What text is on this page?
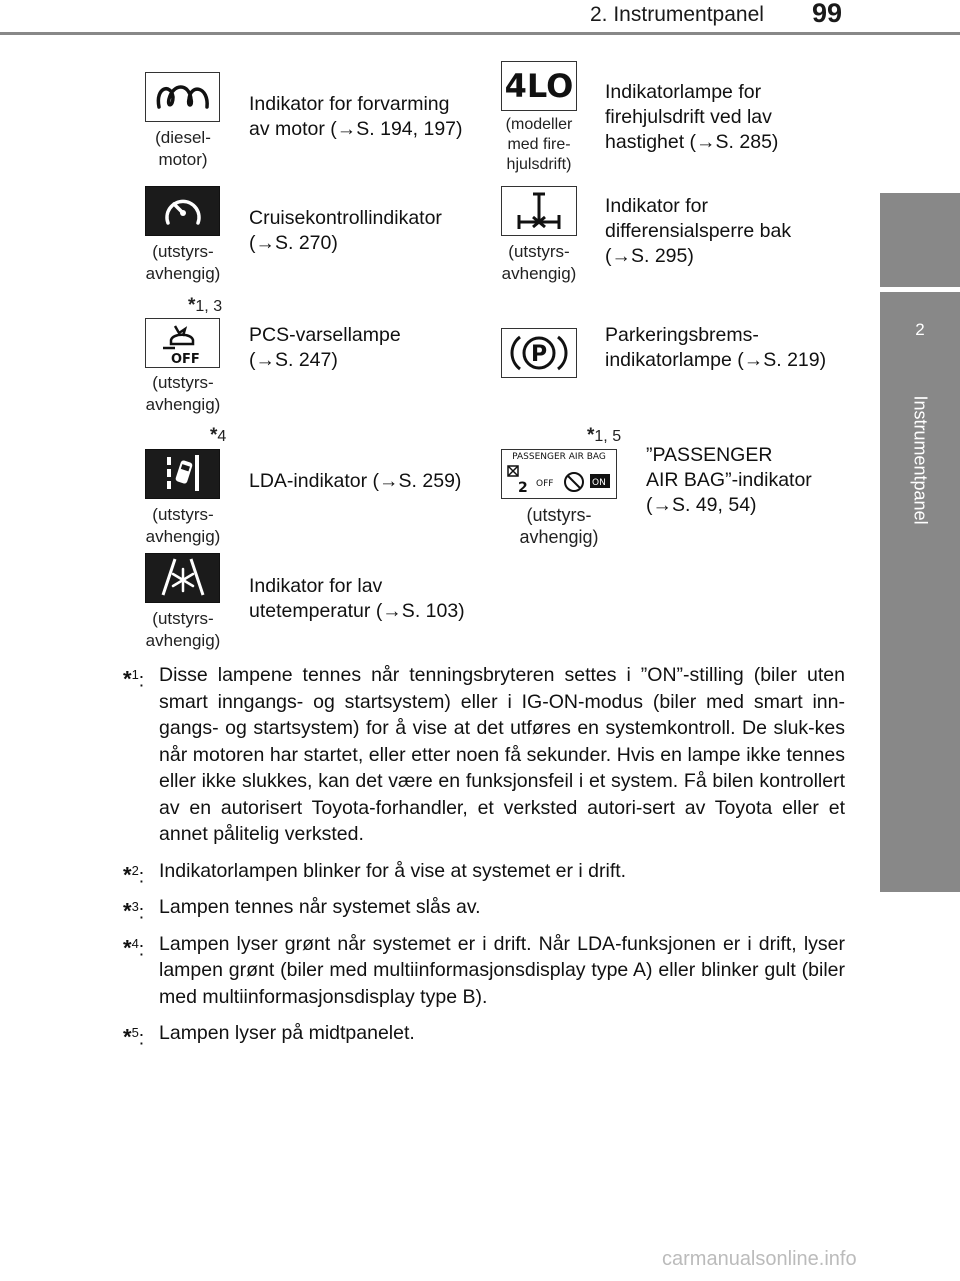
2. Instrumentpanel 99
2
Instrumentpanel
(diesel-
motor)
Indikator for forvarming
av motor (→S. 194, 197)
(utstyrs-
avhengig)
Cruisekontrollindikator
(→S. 270)
*1, 3
OFF
(utstyrs-
avhengig)
PCS-varsellampe
(→S. 247)
*4
(utstyrs-
avhengig)
LDA-indikator (→S. 259)
(utstyrs-
avhengig)
Indikator for lav
utetemperatur (→S. 103)
4LO
(modeller
med fire-
hjulsdrift)
Indikatorlampe for
firehjulsdrift ved lav
hastighet (→S. 285)
(utstyrs-
avhengig)
Indikator for
differensialsperre bak
(→S. 295)
P
Parkeringsbrems-
indikatorlampe (→S. 219)
*1, 5
PASSENGER AIR BAG
2 OFF	ON
(utstyrs-
avhengig)
”PASSENGER
AIR BAG”-indikator
(→S. 49, 54)
*$^1$: Disse lampene tennes når tenningsbryteren settes i ”ON”-stilling (biler uten smart inngangs- og startsystem) eller i IG-ON-modus (biler med smart inn-gangs- og startsystem) for å vise at det utføres en systemkontroll. De sluk-kes når motoren har startet, eller etter noen få sekunder. Hvis en lampe ikke tennes eller ikke slukkes, kan det være en funksjonsfeil i et system. Få bilen kontrollert av en autorisert Toyota-forhandler, et verksted autori-sert av Toyota eller et annet pålitelig verksted.
*$^2$: Indikatorlampen blinker for å vise at systemet er i drift.
*$^3$: Lampen tennes når systemet slås av.
*$^4$: Lampen lyser grønt når systemet er i drift. Når LDA-funksjonen er i drift, lyser lampen grønt (biler med multiinformasjonsdisplay type A) eller blinker gult (biler med multiinformasjonsdisplay type B).
*$^5$: Lampen lyser på midtpanelet.
carmanualsonline.info
